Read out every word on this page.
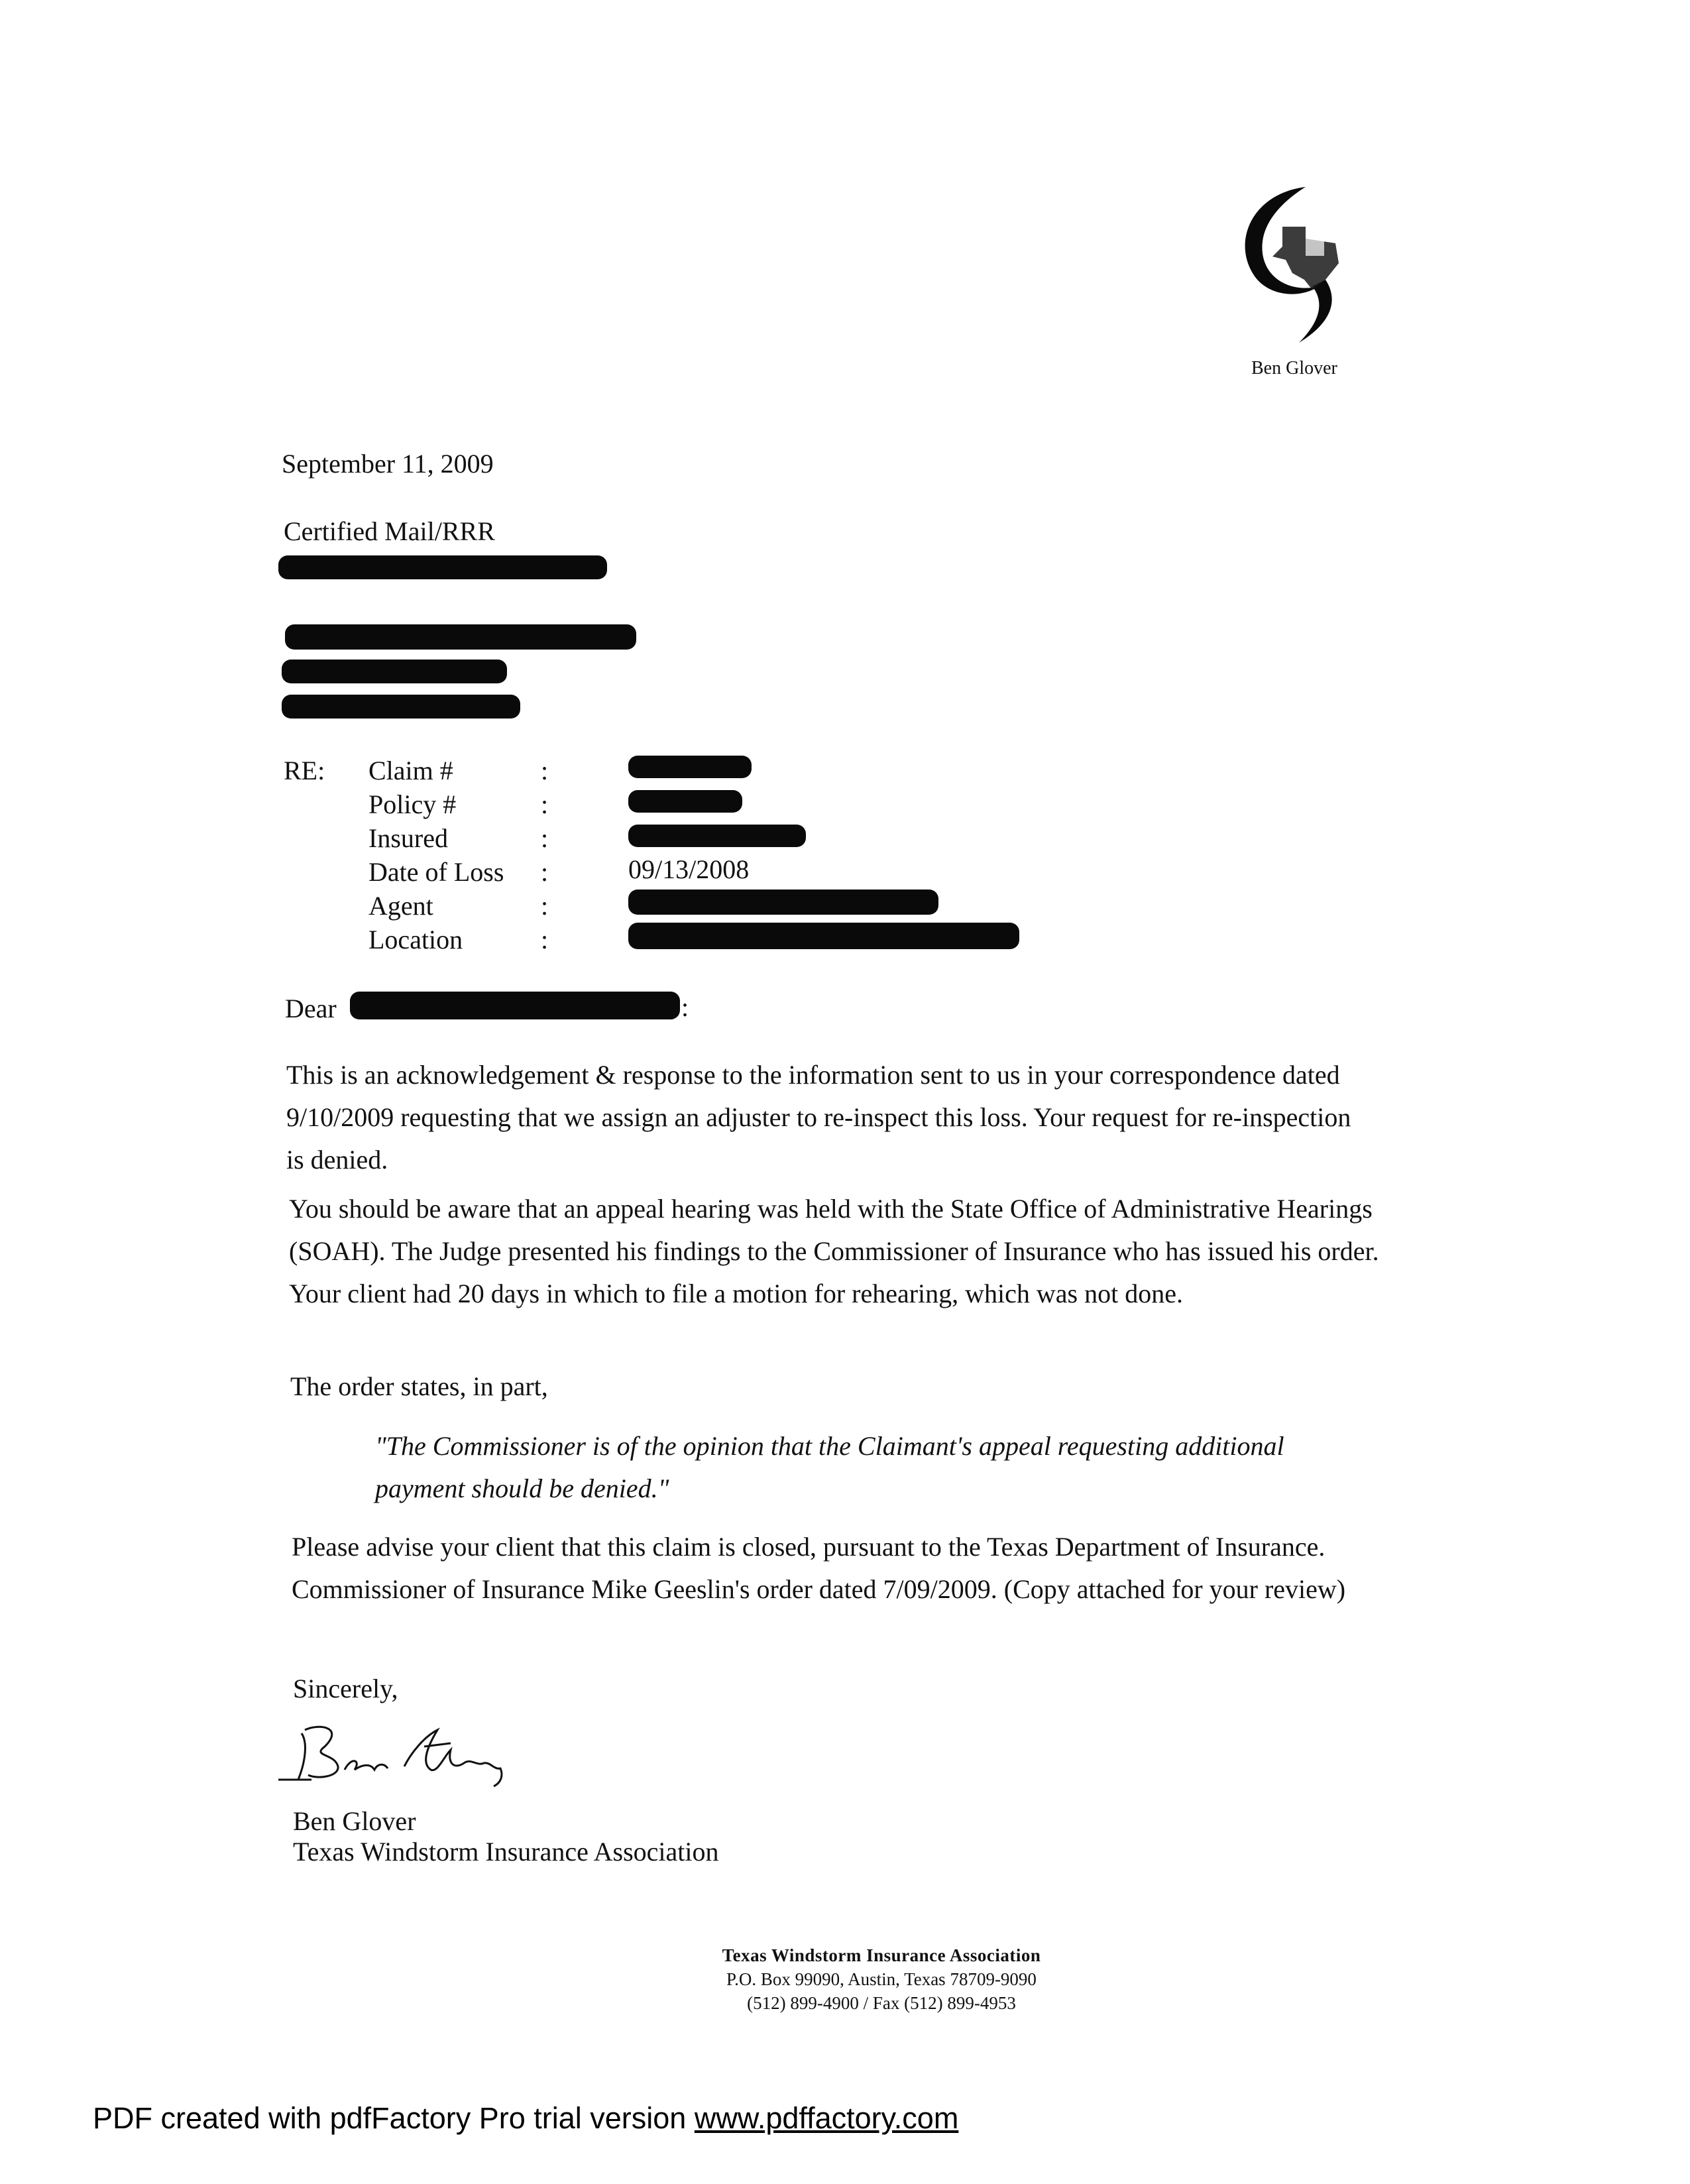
Ben Glover
September 11, 2009
Certified Mail/RRR
RE: Claim #	:
Policy #	:
Insured	:
Date of Loss :	09/13/2008
Agent	:
Location	:
Dear	:
This is an acknowledgement & response to the information sent to us in your correspondence dated 9/10/2009 requesting that we assign an adjuster to re-inspect this loss. Your request for re-inspection is denied.
You should be aware that an appeal hearing was held with the State Office of Administrative Hearings (SOAH). The Judge presented his findings to the Commissioner of Insurance who has issued his order. Your client had 20 days in which to file a motion for rehearing, which was not done.
The order states, in part,
"The Commissioner is of the opinion that the Claimant's appeal requesting additional payment should be denied."
Please advise your client that this claim is closed, pursuant to the Texas Department of Insurance. Commissioner of Insurance Mike Geeslin's order dated 7/09/2009. (Copy attached for your review)
Sincerely,
Ben Glover
Texas Windstorm Insurance Association
Texas Windstorm Insurance Association
P.O. Box 99090, Austin, Texas 78709-9090
(512) 899-4900 / Fax (512) 899-4953
PDF created with pdfFactory Pro trial version www.pdffactory.com
